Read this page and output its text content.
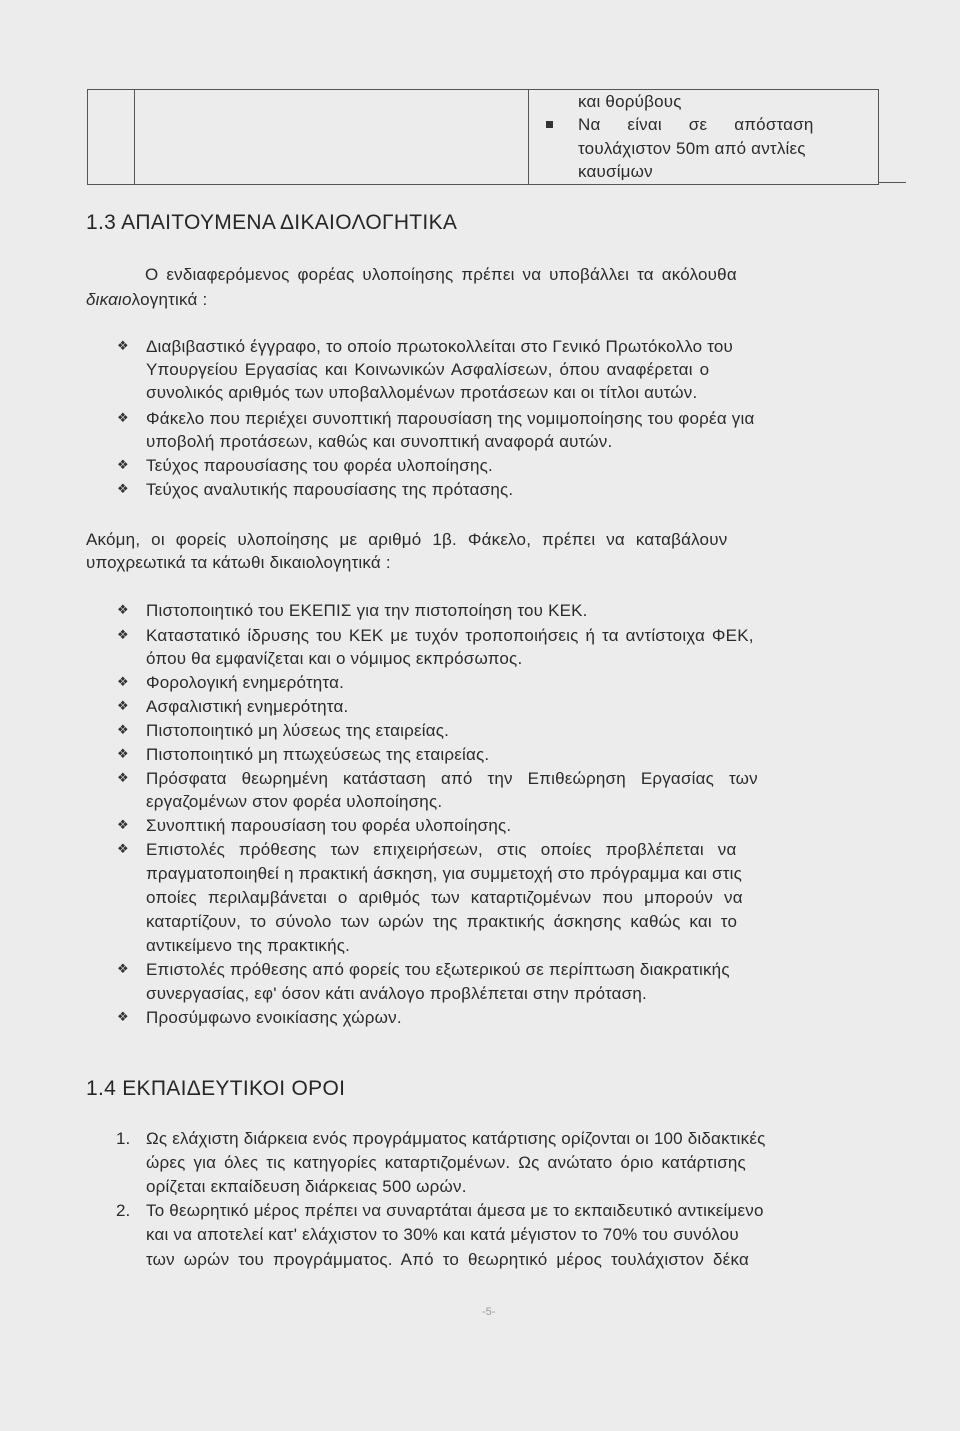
και θορύβους
Να είναι σε απόσταση
τουλάχιστον 50m από αντλίες
καυσίμων
1.3 ΑΠΑΙΤΟΥΜΕΝΑ ΔΙΚΑΙΟΛΟΓΗΤΙΚΑ
Ο ενδιαφερόμενος φορέας υλοποίησης πρέπει να υποβάλλει τα ακόλουθα
δικαιολογητικά :
❖ Διαβιβαστικό έγγραφο, το οποίο πρωτοκολλείται στο Γενικό Πρωτόκολλο του
Υπουργείου Εργασίας και Κοινωνικών Ασφαλίσεων, όπου αναφέρεται ο
συνολικός αριθμός των υποβαλλομένων προτάσεων και οι τίτλοι αυτών.
❖ Φάκελο που περιέχει συνοπτική παρουσίαση της νομιμοποίησης του φορέα για
υποβολή προτάσεων, καθώς και συνοπτική αναφορά αυτών.
❖ Τεύχος παρουσίασης του φορέα υλοποίησης.
❖ Τεύχος αναλυτικής παρουσίασης της πρότασης.
Ακόμη, οι φορείς υλοποίησης με αριθμό 1β. Φάκελο, πρέπει να καταβάλουν
υποχρεωτικά τα κάτωθι δικαιολογητικά :
❖ Πιστοποιητικό του ΕΚΕΠΙΣ για την πιστοποίηση του ΚΕΚ.
❖ Καταστατικό ίδρυσης του ΚΕΚ με τυχόν τροποποιήσεις ή τα αντίστοιχα ΦΕΚ,
όπου θα εμφανίζεται και ο νόμιμος εκπρόσωπος.
❖ Φορολογική ενημερότητα.
❖ Ασφαλιστική ενημερότητα.
❖ Πιστοποιητικό μη λύσεως της εταιρείας.
❖ Πιστοποιητικό μη πτωχεύσεως της εταιρείας.
❖ Πρόσφατα θεωρημένη κατάσταση από την Επιθεώρηση Εργασίας των
εργαζομένων στον φορέα υλοποίησης.
❖ Συνοπτική παρουσίαση του φορέα υλοποίησης.
❖ Επιστολές πρόθεσης των επιχειρήσεων, στις οποίες προβλέπεται να
πραγματοποιηθεί η πρακτική άσκηση, για συμμετοχή στο πρόγραμμα και στις
οποίες περιλαμβάνεται ο αριθμός των καταρτιζομένων που μπορούν να
καταρτίζουν, το σύνολο των ωρών της πρακτικής άσκησης καθώς και το
αντικείμενο της πρακτικής.
❖ Επιστολές πρόθεσης από φορείς του εξωτερικού σε περίπτωση διακρατικής
συνεργασίας, εφ' όσον κάτι ανάλογο προβλέπεται στην πρόταση.
❖ Προσύμφωνο ενοικίασης χώρων.
1.4 ΕΚΠΑΙΔΕΥΤΙΚΟΙ ΟΡΟΙ
1. Ως ελάχιστη διάρκεια ενός προγράμματος κατάρτισης ορίζονται οι 100 διδακτικές
ώρες για όλες τις κατηγορίες καταρτιζομένων. Ως ανώτατο όριο κατάρτισης
ορίζεται εκπαίδευση διάρκειας 500 ωρών.
2. Το θεωρητικό μέρος πρέπει να συναρτάται άμεσα με το εκπαιδευτικό αντικείμενο
και να αποτελεί κατ' ελάχιστον το 30% και κατά μέγιστον το 70% του συνόλου
των ωρών του προγράμματος. Από το θεωρητικό μέρος τουλάχιστον δέκα
-5-
